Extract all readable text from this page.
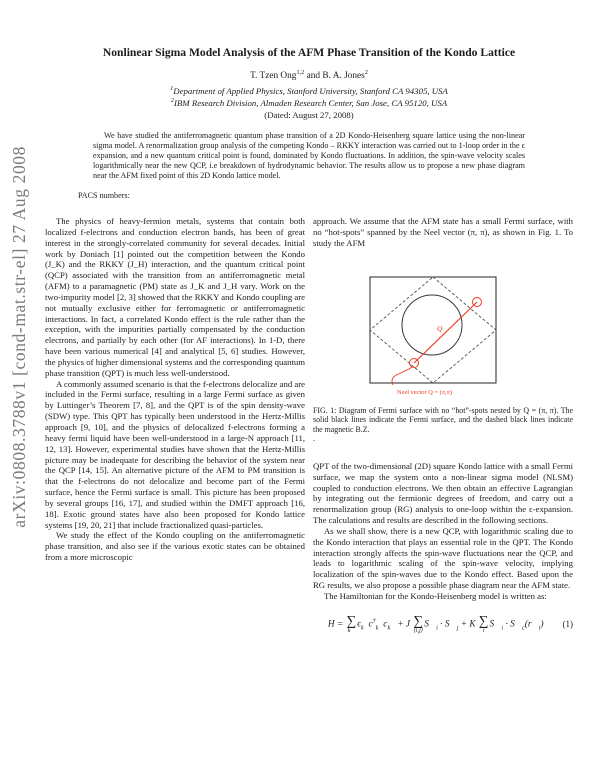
arXiv:0808.3788v1 [cond-mat.str-el] 27 Aug 2008
Nonlinear Sigma Model Analysis of the AFM Phase Transition of the Kondo Lattice
T. Tzen Ong$^{1,2}$ and B. A. Jones$^2$
$^1$Department of Applied Physics, Stanford University, Stanford CA 94305, USA
$^2$IBM Research Division, Almaden Research Center, San Jose, CA 95120, USA
(Dated: August 27, 2008)
We have studied the antiferromagnetic quantum phase transition of a 2D Kondo-Heisenberg square lattice using the non-linear sigma model. A renormalization group analysis of the competing Kondo – RKKY interaction was carried out to 1-loop order in the ϵ expansion, and a new quantum critical point is found, dominated by Kondo fluctuations. In addition, the spin-wave velocity scales logarithmically near the new QCP, i.e breakdown of hydrodynamic behavior. The results allow us to propose a new phase diagram near the AFM fixed point of this 2D Kondo lattice model.
PACS numbers:

The physics of heavy-fermion metals, systems that contain both localized f-electrons and conduction electron bands, has been of great interest in the strongly-correlated community for several decades. Initial work by Doniach [1] pointed out the competition between the Kondo (J_K) and the RKKY (J_H) interaction, and the quantum critical point (QCP) associated with the transition from an antiferromagnetic metal (AFM) to a paramagnetic (PM) state as J_K and J_H vary. Work on the two-impurity model [2, 3] showed that the RKKY and Kondo coupling are not mutually exclusive either for ferromagnetic or antiferromagnetic interactions. In fact, a correlated Kondo effect is the rule rather than the exception, with the impurities partially compensated by the conduction electrons, and partially by each other (for AF interactions). In 1-D, there have been various numerical [4] and analytical [5, 6] studies. However, the physics of higher dimensional systems and the corresponding quantum phase transition (QPT) is much less well-understood.

A commonly assumed scenario is that the f-electrons delocalize and are included in the Fermi surface, resulting in a large Fermi surface as given by Luttinger’s Theorem [7, 8], and the QPT is of the spin density-wave (SDW) type. This QPT has typically been understood in the Hertz-Millis approach [9, 10], and the physics of delocalized f-electrons forming a heavy fermi liquid have been well-understood in a large-N approach [11, 12, 13]. However, experimental studies have shown that the Hertz-Millis picture may be inadequate for describing the behavior of the system near the QCP [14, 15]. An alternative picture of the AFM to PM transition is that the f-electrons do not delocalize and become part of the Fermi surface, hence the Fermi surface is small. This picture has been proposed by several groups [16, 17], and studied within the DMFT approach [16, 18]. Exotic ground states have also been proposed for Kondo lattice systems [19, 20, 21] that include fractionalized quasi-particles.

We study the effect of the Kondo coupling on the antiferromagnetic phase transition, and also see if the various exotic states can be obtained from a more microscopic

approach. We assume that the AFM state has a small Fermi surface, with no “hot-spots” spanned by the Neel vector (π, π), as shown in Fig. 1. To study the AFM

Q
Neel vector Q = (π,π)
FIG. 1: Diagram of Fermi surface with no “hot”-spots nested by Q = (π, π). The solid black lines indicate the Fermi surface, and the dashed black lines indicate the magnetic B.Z.
.

QPT of the two-dimensional (2D) square Kondo lattice with a small Fermi surface, we map the system onto a non-linear sigma model (NLSM) coupled to conduction electrons. We then obtain an effective Lagrangian by integrating out the fermionic degrees of freedom, and carry out a renormalization group (RG) analysis to one-loop within the ϵ-expansion. The calculations and results are described in the following sections.

As we shall show, there is a new QCP, with logarithmic scaling due to the Kondo interaction that plays an essential role in the QPT. The Kondo interaction strongly affects the spin-wave fluctuations near the QCP, and leads to logarithmic scaling of the spin-wave velocity, implying localization of the spin-waves due to the Kondo effect. Based upon the RG results, we also propose a possible phase diagram near the AFM state.

The Hamiltonian for the Kondo-Heisenberg model is written as:

H = ∑
k⃗
$\epsilon_{k⃗}c^\dagger_{k⃗}c_{k⃗} + J$ ∑
⟨i,j⟩
$S⃗_i$ · $S⃗_j + K$ ∑
i
$S⃗_i$ · $S⃗_c(r⃗_i)$	(1)
